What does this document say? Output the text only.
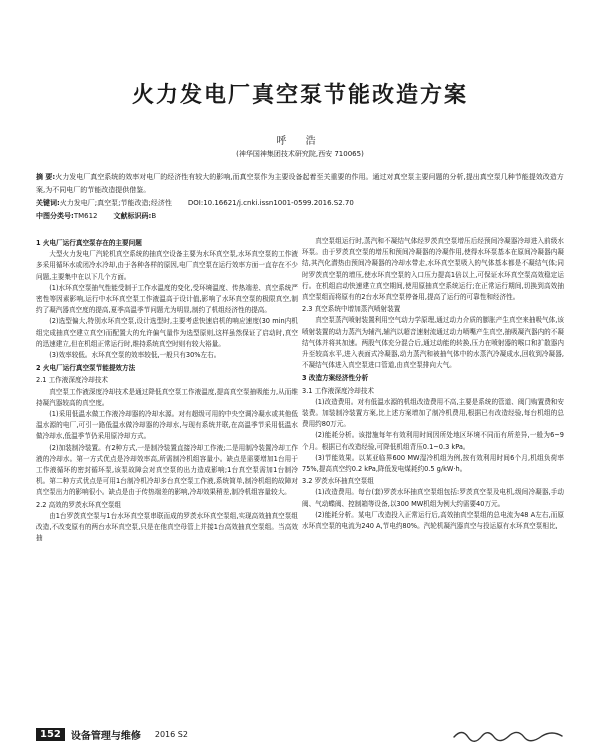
火力发电厂真空泵节能改造方案
呼 浩
(神华国神集团技术研究院,西安 710065)
摘 要:火力发电厂真空系统的效率对电厂的经济性有较大的影响,而真空泵作为主要设备起着至关重要的作用。通过对真空泵主要问题的分析,提出真空泵几种节能提效改造方案,为不同电厂的节能改造提供借鉴。
关键词:火力发电厂;真空泵;节能改造;经济性 DOI:10.16621/j.cnki.issn1001-0599.2016.S2.70
中图分类号:TM612 文献标识码:B

1 火电厂运行真空泵存在的主要问题

大型火力发电厂汽轮机真空系统的抽真空设备主要为水环真空泵,水环真空泵的工作液多采用循环水或闭冷水冷却,由于各种各样的原因,电厂真空泵在运行效率方面一直存在不少问题,主要集中在以下几个方面。

(1)水环真空泵抽气性能受制于工作水温度的变化,受环境温度、传热端差、真空系统严密性等因素影响,运行中水环真空泵工作液温高于设计值,影响了水环真空泵的极限真空,制约了凝汽器真空度的提高,夏季高温季节问题尤为明显,制约了机组经济性的提高。

(2)选型偏大,特别水环真空泵,设计选型时,主要考虑快速启机的响应速度(30 min内机组完成抽真空建立真空)而配置大的允许偏气量作为选型原则,这样虽然保证了启动时,真空的迅速建立,但在机组正常运行时,维持系统真空时则有较大裕量。

(3)效率较低。水环真空泵的效率较低,一般只有30%左右。

2 火电厂运行真空泵节能提效方法

2.1 工作液深度冷却技术

真空泵工作液深度冷却技术是通过降低真空泵工作液温度,提高真空泵抽吸能力,从而维持凝汽器较高的真空度。

(1)采用低温水做工作液冷却器的冷却水源。对有超级可用的中央空调冷凝水或其他低温水源的电厂,可引一路低温水做冷却器的冷却水,与现有系统并联,在高温季节采用低温水做冷却水,低温季节仍采用原冷却方式。

(2)加装制冷装置。有2种方式,一是制冷装置直接冷却工作液;二是用制冷装置冷却工作液的冷却水。第一方式优点是冷却效率高,所需制冷机组容量小。缺点是需要增加1台用于工作液循环的密封循环泵,该泵故障会对真空泵的出力造成影响;1台真空泵需加1台制冷机。第二种方式优点是可用1台制冷机冷却多台真空泵工作液,系统简单,制冷机组的故障对真空泵出力的影响很小。缺点是由于传热端差的影响,冷却效果稍差,制冷机组容量较大。

2.2 高效的罗茨水环真空泵组

由1台罗茨真空泵与1台水环真空泵串联而成的罗茨水环真空泵组,实现高效抽真空泵组改造,不改变原有的两台水环真空泵,只是在他真空母管上并接1台高效抽真空泵组。当高效抽

真空泵组运行时,蒸汽和不凝结气体经罗茨真空泵增压后经预间冷凝器冷却进入前级水环泵。由于罗茨真空泵的增压和预间冷凝器的冷凝作用,使得水环泵基本在原间冷凝器内凝结,其汽化潜热由预间冷凝器的冷却水带走,水环真空泵吸入的气体基本都是不凝结气体;同时罗茨真空泵的增压,使水环真空泵的入口压力提高1倍以上,可保证水环真空泵高效稳定运行。在机组启动快速建立真空期间,使用原抽真空系统运行;在正常运行期间,切换到高效抽真空泵组而将原有的2台水环真空泵停备用,提高了运行的可靠性和经济性。

2.3 真空系统中增加蒸汽喷射装置

真空泵蒸汽喷射装置利用空气动力学原理,通过动力介质的膨胀产生真空来抽吸气体,该喷射装置的动力蒸汽为辅汽,辅汽以超音速射流通过动力喷嘴产生真空,抽吸凝汽器内的不凝结气体并将其加速。两股气体充分混合后,通过动能的转换,压力在喷射器的喉口和扩散器内升至较高水平,进入表面式冷凝器,动力蒸汽和被抽气体中的水蒸汽冷凝成水,回收到冷凝器,不凝结气体进入真空泵进口管道,由真空泵排向大气。

3 改造方案经济性分析

3.1 工作液深度冷却技术

(1)改造费用。对有低温水源的机组改造费用不高,主要是系统的管道、阀门购置费和安装费。加装制冷装置方案,比上述方案增加了制冷机费用,根据已有改造经验,每台机组的总费用约80万元。

(2)能耗分析。该措施每年有效利用时间因所处地区环境不同而有所差异,一般为6~9个月。根据已有改造经验,可降低机组背压0.1~0.3 kPa。

(3)节能效果。以某亚临界600 MW湿冷机组为例,按有效利用时间6个月,机组负荷率75%,提高真空约0.2 kPa,降低发电煤耗约0.5 g/kW·h。

3.2 罗茨水环抽真空泵组

(1)改造费用。每台(套)罗茨水环抽真空泵组包括:罗茨真空泵及电机,级间冷凝器,手动阀、气动蝶阀、控制箱等设备,以300 MW机组为例大约需要40万元。

(2)能耗分析。某电厂改造投入正常运行后,高效抽真空泵组的总电流为48 A左右,而原水环真空泵的电流为240 A,节电约80%。汽轮机凝汽器真空与投运原有水环真空泵相比,

152	设备管理与维修 2016 S2
